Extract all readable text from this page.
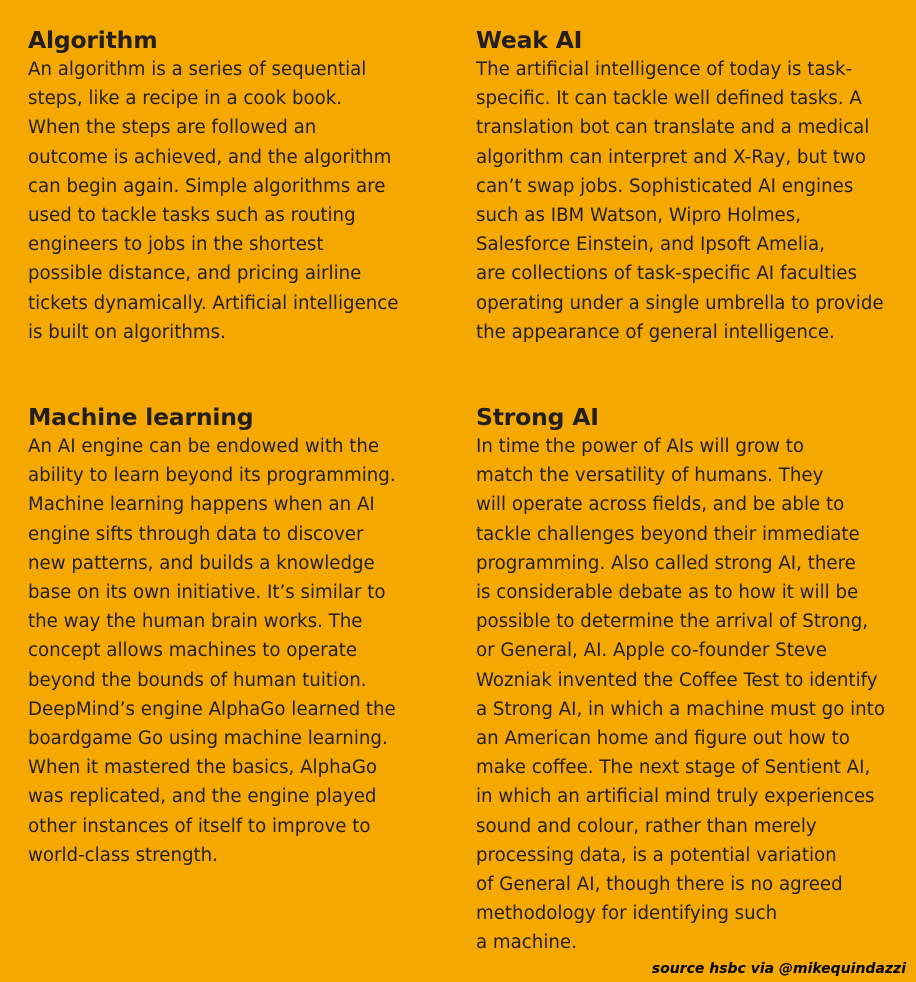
Algorithm
An algorithm is a series of sequential
steps, like a recipe in a cook book.
When the steps are followed an
outcome is achieved, and the algorithm
can begin again. Simple algorithms are
used to tackle tasks such as routing
engineers to jobs in the shortest
possible distance, and pricing airline
tickets dynamically. Artificial intelligence
is built on algorithms.
Weak AI
The artificial intelligence of today is task-
specific. It can tackle well defined tasks. A
translation bot can translate and a medical
algorithm can interpret and X-Ray, but two
can’t swap jobs. Sophisticated AI engines
such as IBM Watson, Wipro Holmes,
Salesforce Einstein, and Ipsoft Amelia,
are collections of task-specific AI faculties
operating under a single umbrella to provide
the appearance of general intelligence.
Machine learning
An AI engine can be endowed with the
ability to learn beyond its programming.
Machine learning happens when an AI
engine sifts through data to discover
new patterns, and builds a knowledge
base on its own initiative. It’s similar to
the way the human brain works. The
concept allows machines to operate
beyond the bounds of human tuition.
DeepMind’s engine AlphaGo learned the
boardgame Go using machine learning.
When it mastered the basics, AlphaGo
was replicated, and the engine played
other instances of itself to improve to
world-class strength.
Strong AI
In time the power of AIs will grow to
match the versatility of humans. They
will operate across fields, and be able to
tackle challenges beyond their immediate
programming. Also called strong AI, there
is considerable debate as to how it will be
possible to determine the arrival of Strong,
or General, AI. Apple co-founder Steve
Wozniak invented the Coffee Test to identify
a Strong AI, in which a machine must go into
an American home and figure out how to
make coffee. The next stage of Sentient AI,
in which an artificial mind truly experiences
sound and colour, rather than merely
processing data, is a potential variation
of General AI, though there is no agreed
methodology for identifying such
a machine.
source hsbc via @mikequindazzi
